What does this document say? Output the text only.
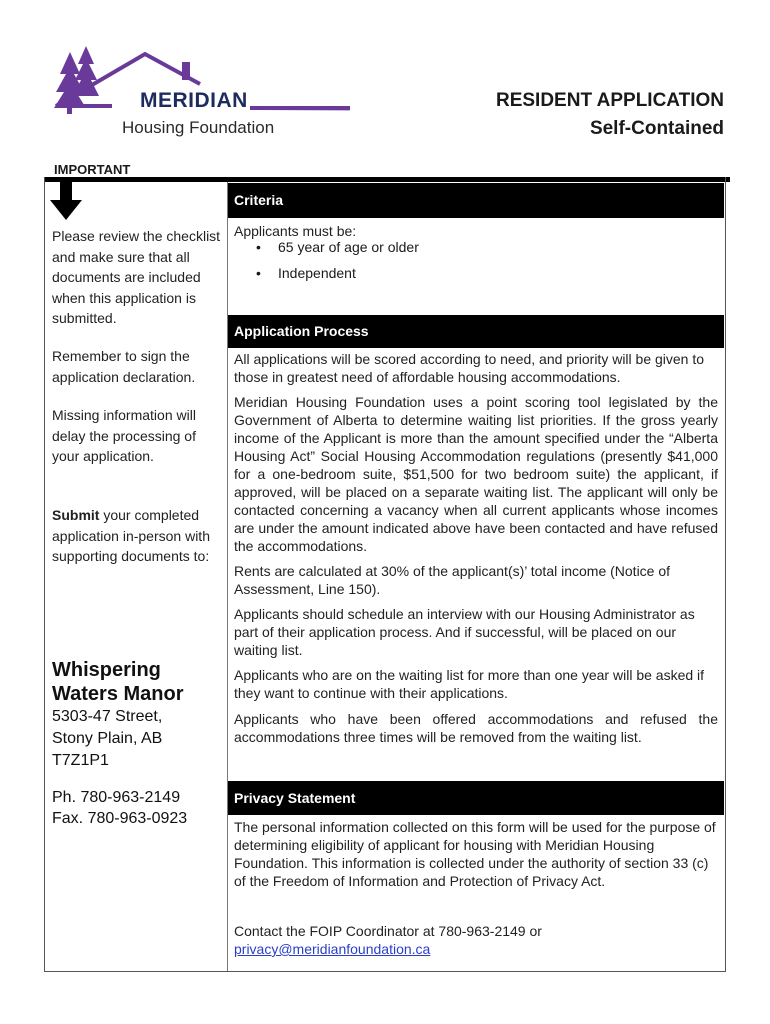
MERIDIAN
Housing Foundation
RESIDENT APPLICATION
Self-Contained
IMPORTANT
Please review the checklist and make sure that all documents are included when this application is submitted.
Remember to sign the application declaration.
Missing information will delay the processing of your application.
Submit your completed application in-person with supporting documents to:
Whispering Waters Manor
5303-47 Street,
Stony Plain, AB
T7Z1P1
Ph. 780-963-2149
Fax. 780-963-0923
Criteria
Applicants must be:
• 65 year of age or older
• Independent
Application Process
All applications will be scored according to need, and priority will be given to those in greatest need of affordable housing accommodations.
Meridian Housing Foundation uses a point scoring tool legislated by the Government of Alberta to determine waiting list priorities. If the gross yearly income of the Applicant is more than the amount specified under the “Alberta Housing Act” Social Housing Accommodation regulations (presently $41,000 for a one-bedroom suite, $51,500 for two bedroom suite) the applicant, if approved, will be placed on a separate waiting list. The applicant will only be contacted concerning a vacancy when all current applicants whose incomes are under the amount indicated above have been contacted and have refused the accommodations.
Rents are calculated at 30% of the applicant(s)’ total income (Notice of Assessment, Line 150).
Applicants should schedule an interview with our Housing Administrator as part of their application process. And if successful, will be placed on our waiting list.
Applicants who are on the waiting list for more than one year will be asked if they want to continue with their applications.
Applicants who have been offered accommodations and refused the accommodations three times will be removed from the waiting list.
Privacy Statement
The personal information collected on this form will be used for the purpose of determining eligibility of applicant for housing with Meridian Housing Foundation. This information is collected under the authority of section 33 (c) of the Freedom of Information and Protection of Privacy Act.
Contact the FOIP Coordinator at 780-963-2149 or
privacy@meridianfoundation.ca
